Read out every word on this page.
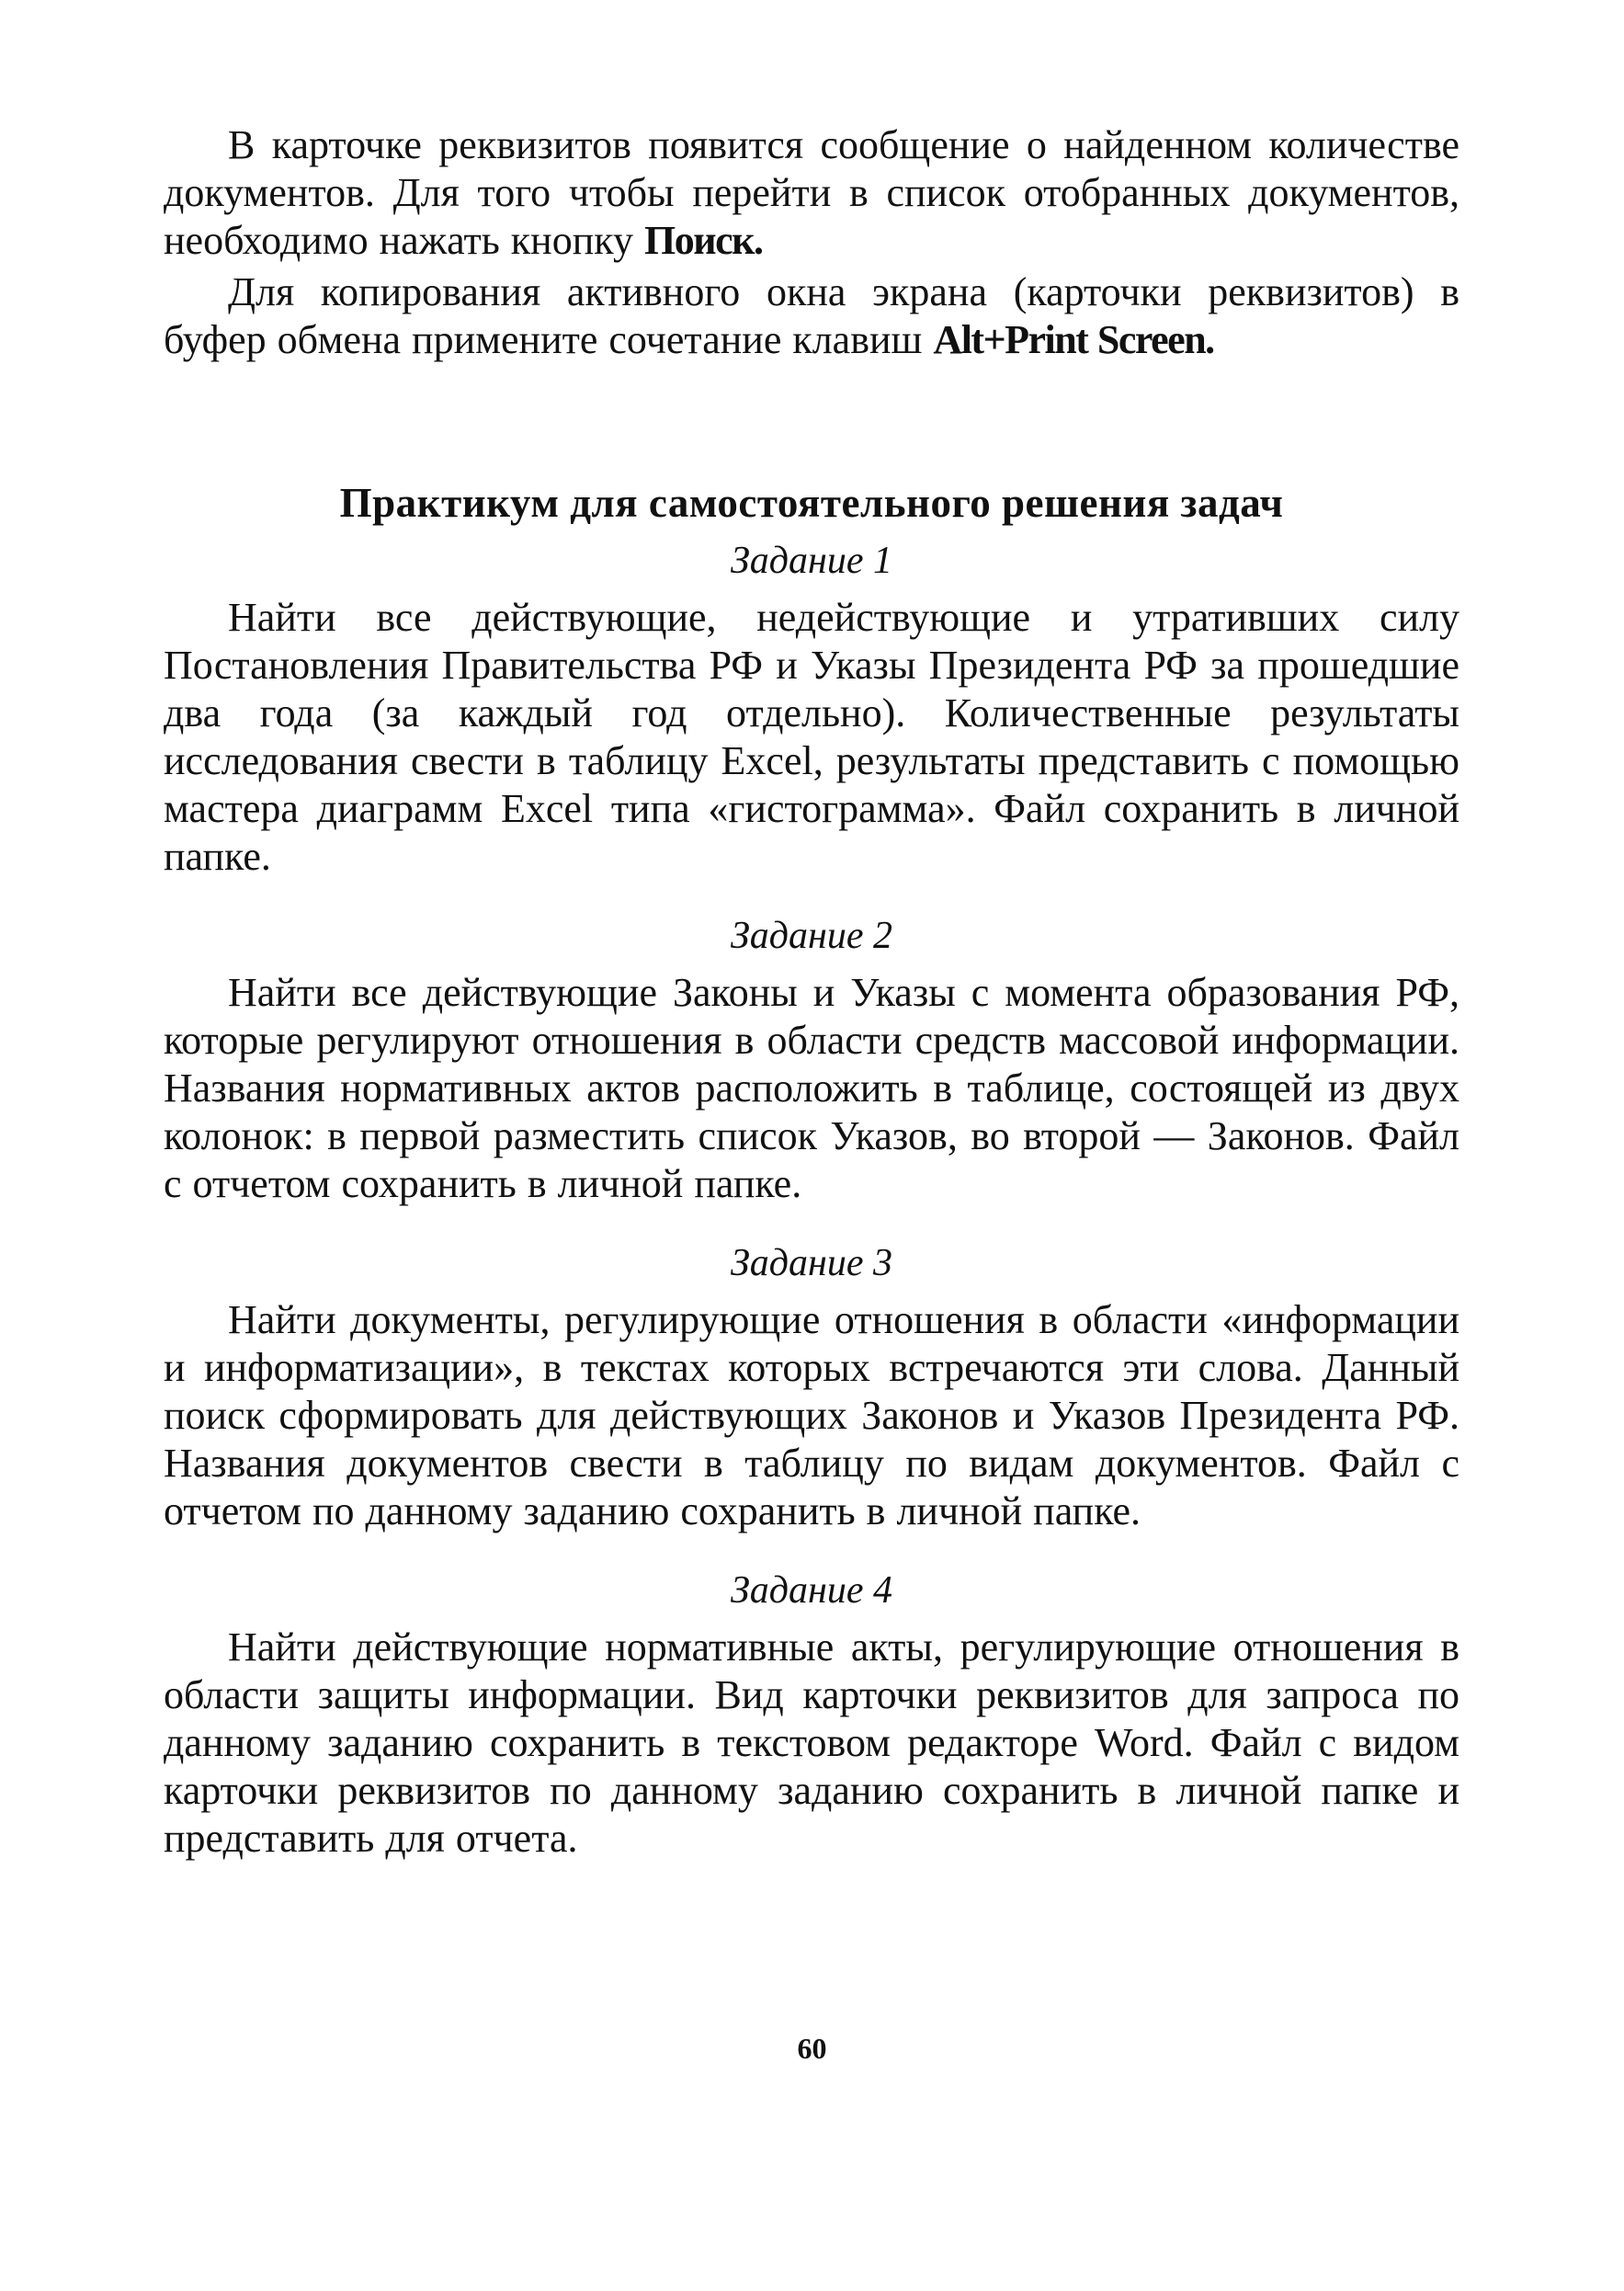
В карточке реквизитов появится сообщение о найденном количестве документов. Для того чтобы перейти в список отобранных документов, необходимо нажать кнопку Поиск.

Для копирования активного окна экрана (карточки реквизитов) в буфер обмена примените сочетание клавиш Alt+Print Screen.

Практикум для самостоятельного решения задач
Задание 1

Найти все действующие, недействующие и утративших силу Постановления Правительства РФ и Указы Президента РФ за прошедшие два года (за каждый год отдельно). Количественные результаты исследования свести в таблицу Excel, результаты представить с помощью мастера диаграмм Excel типа «гистограмма». Файл сохранить в личной папке.

Задание 2

Найти все действующие Законы и Указы с момента образования РФ, которые регулируют отношения в области средств массовой информации. Названия нормативных актов расположить в таблице, состоящей из двух колонок: в первой разместить список Указов, во второй — Законов. Файл с отчетом сохранить в личной папке.

Задание 3

Найти документы, регулирующие отношения в области «информации и информатизации», в текстах которых встречаются эти слова. Данный поиск сформировать для действующих Законов и Указов Президента РФ. Названия документов свести в таблицу по видам документов. Файл с отчетом по данному заданию сохранить в личной папке.

Задание 4

Найти действующие нормативные акты, регулирующие отношения в области защиты информации. Вид карточки реквизитов для запроса по данному заданию сохранить в текстовом редакторе Word. Файл с видом карточки реквизитов по данному заданию сохранить в личной папке и представить для отчета.

60
